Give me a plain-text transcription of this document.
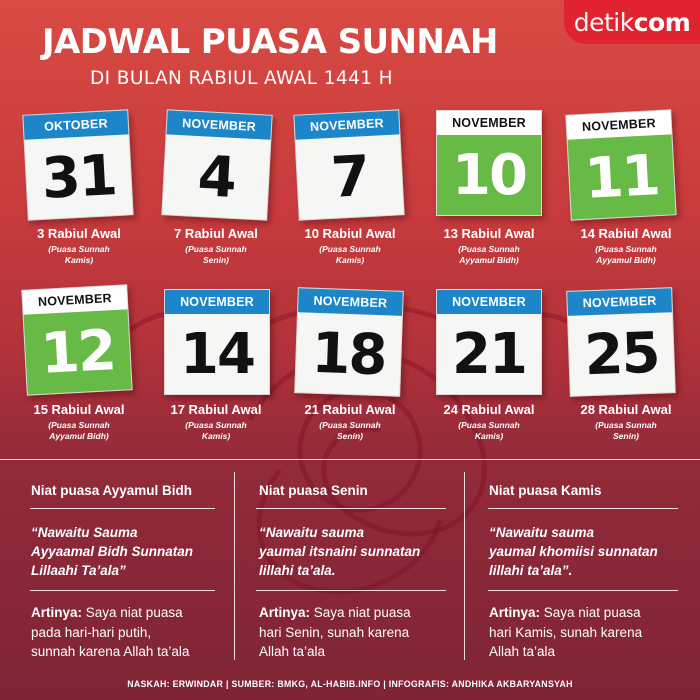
detik com
JADWAL PUASA SUNNAH
DI BULAN RABIUL AWAL 1441 H
OKTOBER
31
NOVEMBER
4
NOVEMBER
7
NOVEMBER
10
NOVEMBER
11
3 Rabiul Awal
(Puasa Sunnah
Kamis)
7 Rabiul Awal
(Puasa Sunnah
Senin)
10 Rabiul Awal
(Puasa Sunnah
Kamis)
13 Rabiul Awal
(Puasa Sunnah
Ayyamul Bidh)
14 Rabiul Awal
(Puasa Sunnah
Ayyamul Bidh)
NOVEMBER
12
NOVEMBER
14
NOVEMBER
18
NOVEMBER
21
NOVEMBER
25
15 Rabiul Awal
(Puasa Sunnah
Ayyamul Bidh)
17 Rabiul Awal
(Puasa Sunnah
Kamis)
21 Rabiul Awal
(Puasa Sunnah
Senin)
24 Rabiul Awal
(Puasa Sunnah
Kamis)
28 Rabiul Awal
(Puasa Sunnah
Senin)
Niat puasa Ayyamul Bidh
“Nawaitu Sauma
Ayyaamal Bidh Sunnatan
Lillaahi Ta’ala”
Artinya: Saya niat puasa
pada hari-hari putih,
sunnah karena Allah ta’ala
Niat puasa Senin
“Nawaitu sauma
yaumal itsnaini sunnatan
lillahi ta’ala.
Artinya: Saya niat puasa
hari Senin, sunah karena
Allah ta’ala
Niat puasa Kamis
“Nawaitu sauma
yaumal khomiisi sunnatan
lillahi ta’ala”.
Artinya: Saya niat puasa
hari Kamis, sunah karena
Allah ta’ala
NASKAH: ERWINDAR | SUMBER: BMKG, AL-HABIB.INFO | INFOGRAFIS: ANDHIKA AKBARYANSYAH
